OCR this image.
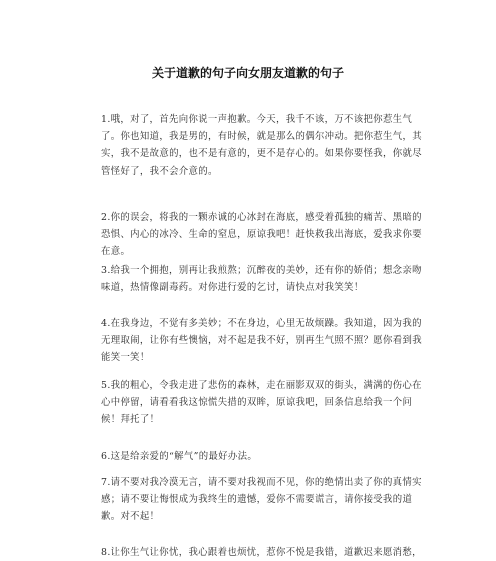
关于道歉的句子向女朋友道歉的句子

1.哦，对了，首先向你说一声抱歉。今天，我千不该，万不该把你惹生气了。你也知道，我是男的，有时候，就是那么的偶尔冲动。把你惹生气，其实，我不是故意的，也不是有意的，更不是存心的。如果你要怪我，你就尽管怪好了，我不会介意的。

2.你的误会，将我的一颗赤诚的心冰封在海底，感受着孤独的痛苦、黑暗的恐惧、内心的冰冷、生命的窒息，原谅我吧！赶快救我出海底，爱我求你要在意。

3.给我一个拥抱，别再让我煎熬；沉醉夜的美妙，还有你的娇俏；想念亲吻味道，热情像副毒药。对你进行爱的乞讨，请快点对我笑笑！

4.在我身边，不觉有多美妙；不在身边，心里无故烦躁。我知道，因为我的无理取闹，让你有些懊恼，对不起是我不好，别再生气照不照？愿你看到我能笑一笑！

5.我的粗心，令我走进了悲伤的森林，走在丽影双双的街头，满满的伤心在心中停留，请看看我这惊慌失措的双眸，原谅我吧，回条信息给我一个问候！拜托了！

6.这是给亲爱的“解气”的最好办法。

7.请不要对我冷漠无言，请不要对我视而不见，你的绝情出卖了你的真情实感；请不要让悔恨成为我终生的遗憾，爱你不需要谎言，请你接受我的道歉。对不起！

8.让你生气让你忧，我心跟着也烦忧，惹你不悦是我错，道歉迟来愿消愁，
